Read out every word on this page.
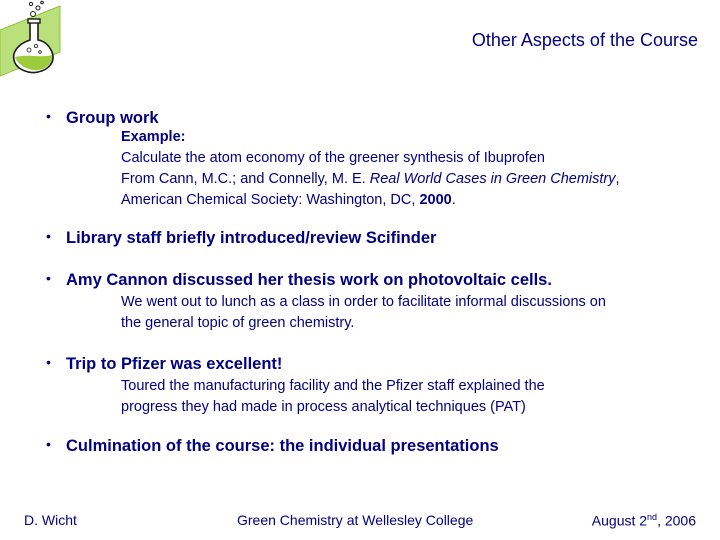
Other Aspects of the Course
• Group work
Example:
Calculate the atom economy of the greener synthesis of Ibuprofen
From Cann, M.C.; and Connelly, M. E. Real World Cases in Green Chemistry,
American Chemical Society: Washington, DC, 2000.
• Library staff briefly introduced/review Scifinder
• Amy Cannon discussed her thesis work on photovoltaic cells.
We went out to lunch as a class in order to facilitate informal discussions on
the general topic of green chemistry.
• Trip to Pfizer was excellent!
Toured the manufacturing facility and the Pfizer staff explained the
progress they had made in process analytical techniques (PAT)
• Culmination of the course: the individual presentations
D. Wicht	Green Chemistry at Wellesley College	August 2nd, 2006
